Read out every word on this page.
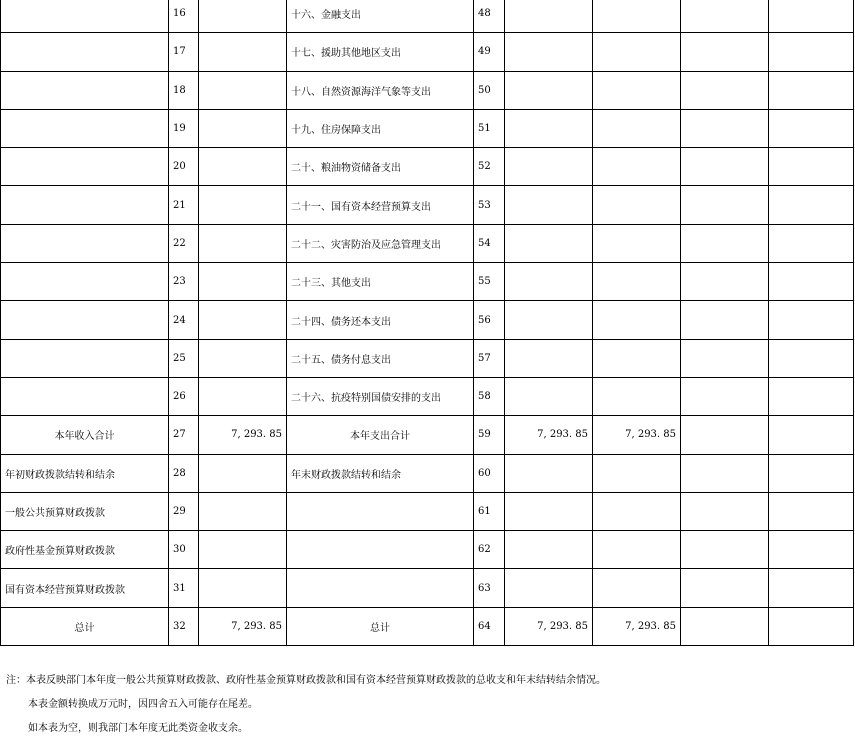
	16		十六、金融支出	48				
	17		十七、援助其他地区支出	49				
	18		十八、自然资源海洋气象等支出	50				
	19		十九、住房保障支出	51				
	20		二十、粮油物资储备支出	52				
	21		二十一、国有资本经营预算支出	53				
	22		二十二、灾害防治及应急管理支出	54				
	23		二十三、其他支出	55				
	24		二十四、债务还本支出	56				
	25		二十五、债务付息支出	57				
	26		二十六、抗疫特别国债安排的支出	58				
本年收入合计	27	7, 293. 85	本年支出合计	59	7, 293. 85	7, 293. 85		
年初财政拨款结转和结余	28		年末财政拨款结转和结余	60				
一般公共预算财政拨款	29			61				
政府性基金预算财政拨款	30			62				
国有资本经营预算财政拨款	31			63				
总计	32	7, 293. 85	总计	64	7, 293. 85	7, 293. 85		
注：本表反映部门本年度一般公共预算财政拨款、政府性基金预算财政拨款和国有资本经营预算财政拨款的总收支和年末结转结余情况。
本表金额转换成万元时，因四舍五入可能存在尾差。
如本表为空，则我部门本年度无此类资金收支余。
